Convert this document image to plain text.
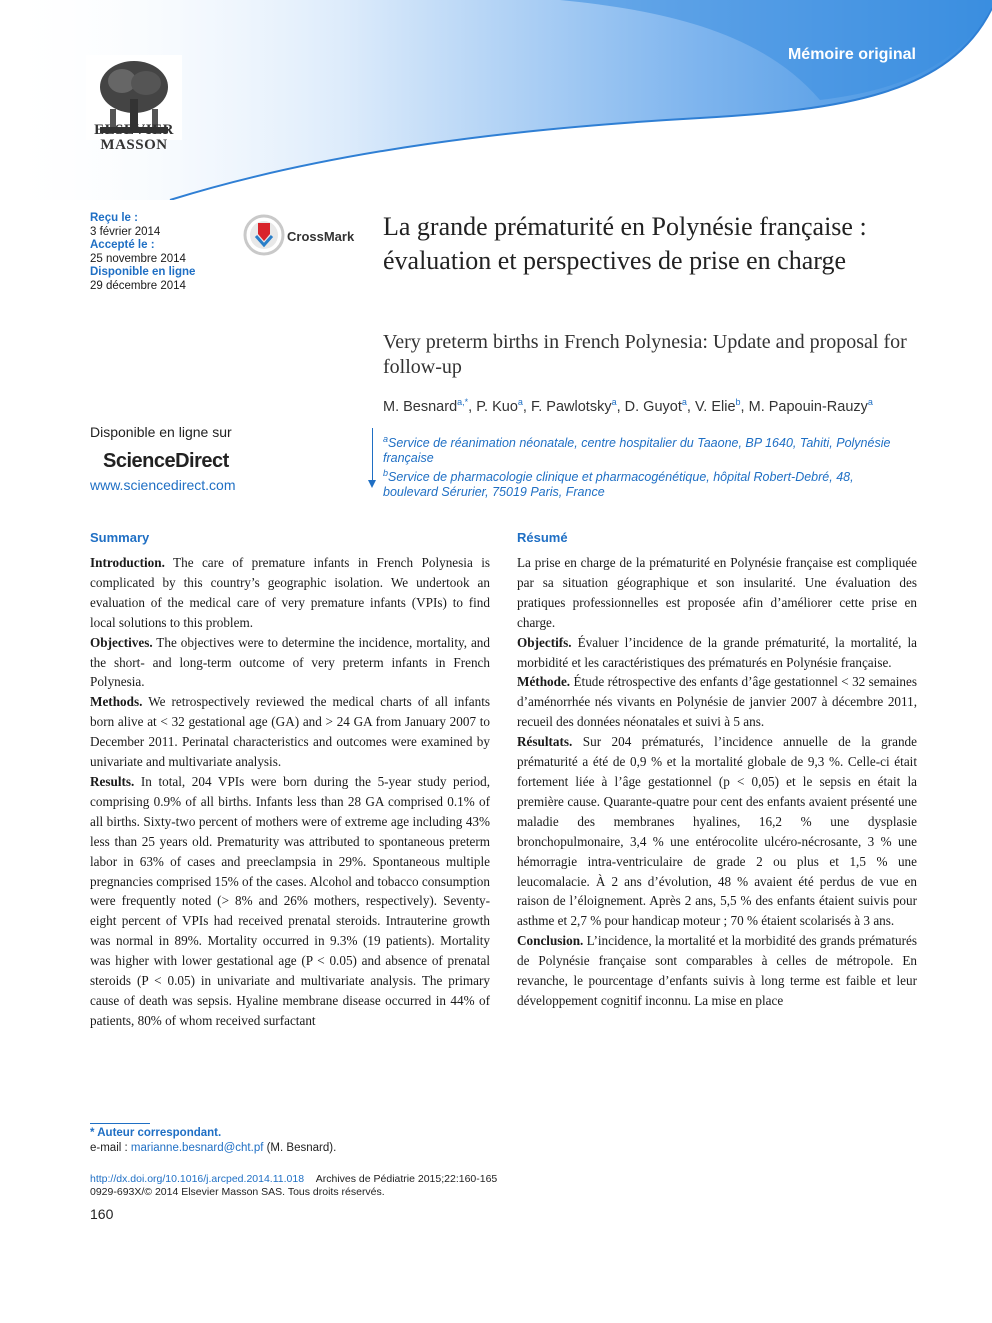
Mémoire original
ELSEVIER
MASSON
Reçu le :
3 février 2014
Accepté le :
25 novembre 2014
Disponible en ligne
29 décembre 2014
CrossMark La grande prématurité en Polynésie française : évaluation et perspectives de prise en charge
Very preterm births in French Polynesia: Update and proposal for follow-up
M. Besnard$^{a,*}$, P. Kuo$^a$, F. Pawlotsky$^a$, D. Guyot$^a$, V. Elie$^b$, M. Papouin-Rauzy$^a$
$^a$Service de réanimation néonatale, centre hospitalier du Taaone, BP 1640, Tahiti, Polynésie française
$^b$Service de pharmacologie clinique et pharmacogénétique, hôpital Robert-Debré, 48, boulevard Sérurier, 75019 Paris, France
Disponible en ligne sur
ScienceDirect
www.sciencedirect.com
Summary

Introduction. The care of premature infants in French Polynesia is complicated by this country’s geographic isolation. We undertook an evaluation of the medical care of very premature infants (VPIs) to find local solutions to this problem.

Objectives. The objectives were to determine the incidence, mortality, and the short- and long-term outcome of very preterm infants in French Polynesia.

Methods. We retrospectively reviewed the medical charts of all infants born alive at < 32 gestational age (GA) and > 24 GA from January 2007 to December 2011. Perinatal characteristics and outcomes were examined by univariate and multivariate analysis.

Results. In total, 204 VPIs were born during the 5-year study period, comprising 0.9% of all births. Infants less than 28 GA comprised 0.1% of all births. Sixty-two percent of mothers were of extreme age including 43% less than 25 years old. Prematurity was attributed to spontaneous preterm labor in 63% of cases and preeclampsia in 29%. Spontaneous multiple pregnancies comprised 15% of the cases. Alcohol and tobacco consumption were frequently noted (> 8% and 26% mothers, respectively). Seventy-eight percent of VPIs had received prenatal steroids. Intrauterine growth was normal in 89%. Mortality occurred in 9.3% (19 patients). Mortality was higher with lower gestational age (P < 0.05) and absence of prenatal steroids (P < 0.05) in univariate and multivariate analysis. The primary cause of death was sepsis. Hyaline membrane disease occurred in 44% of patients, 80% of whom received surfactant

Résumé

La prise en charge de la prématurité en Polynésie française est compliquée par sa situation géographique et son insularité. Une évaluation des pratiques professionnelles est proposée afin d’améliorer cette prise en charge.

Objectifs. Évaluer l’incidence de la grande prématurité, la mortalité, la morbidité et les caractéristiques des prématurés en Polynésie française.

Méthode. Étude rétrospective des enfants d’âge gestationnel < 32 semaines d’aménorrhée nés vivants en Polynésie de janvier 2007 à décembre 2011, recueil des données néonatales et suivi à 5 ans.

Résultats. Sur 204 prématurés, l’incidence annuelle de la grande prématurité a été de 0,9 % et la mortalité globale de 9,3 %. Celle-ci était fortement liée à l’âge gestationnel (p < 0,05) et le sepsis en était la première cause. Quarante-quatre pour cent des enfants avaient présenté une maladie des membranes hyalines, 16,2 % une dysplasie bronchopulmonaire, 3,4 % une entérocolite ulcéro-nécrosante, 3 % une hémorragie intra-ventriculaire de grade 2 ou plus et 1,5 % une leucomalacie. À 2 ans d’évolution, 48 % avaient été perdus de vue en raison de l’éloignement. Après 2 ans, 5,5 % des enfants étaient suivis pour asthme et 2,7 % pour handicap moteur ; 70 % étaient scolarisés à 3 ans.

Conclusion. L’incidence, la mortalité et la morbidité des grands prématurés de Polynésie française sont comparables à celles de métropole. En revanche, le pourcentage d’enfants suivis à long terme est faible et leur développement cognitif inconnu. La mise en place

* Auteur correspondant.
e-mail : marianne.besnard@cht.pf (M. Besnard).
http://dx.doi.org/10.1016/j.arcped.2014.11.018 Archives de Pédiatrie 2015;22:160-165
0929-693X/© 2014 Elsevier Masson SAS. Tous droits réservés.
160
